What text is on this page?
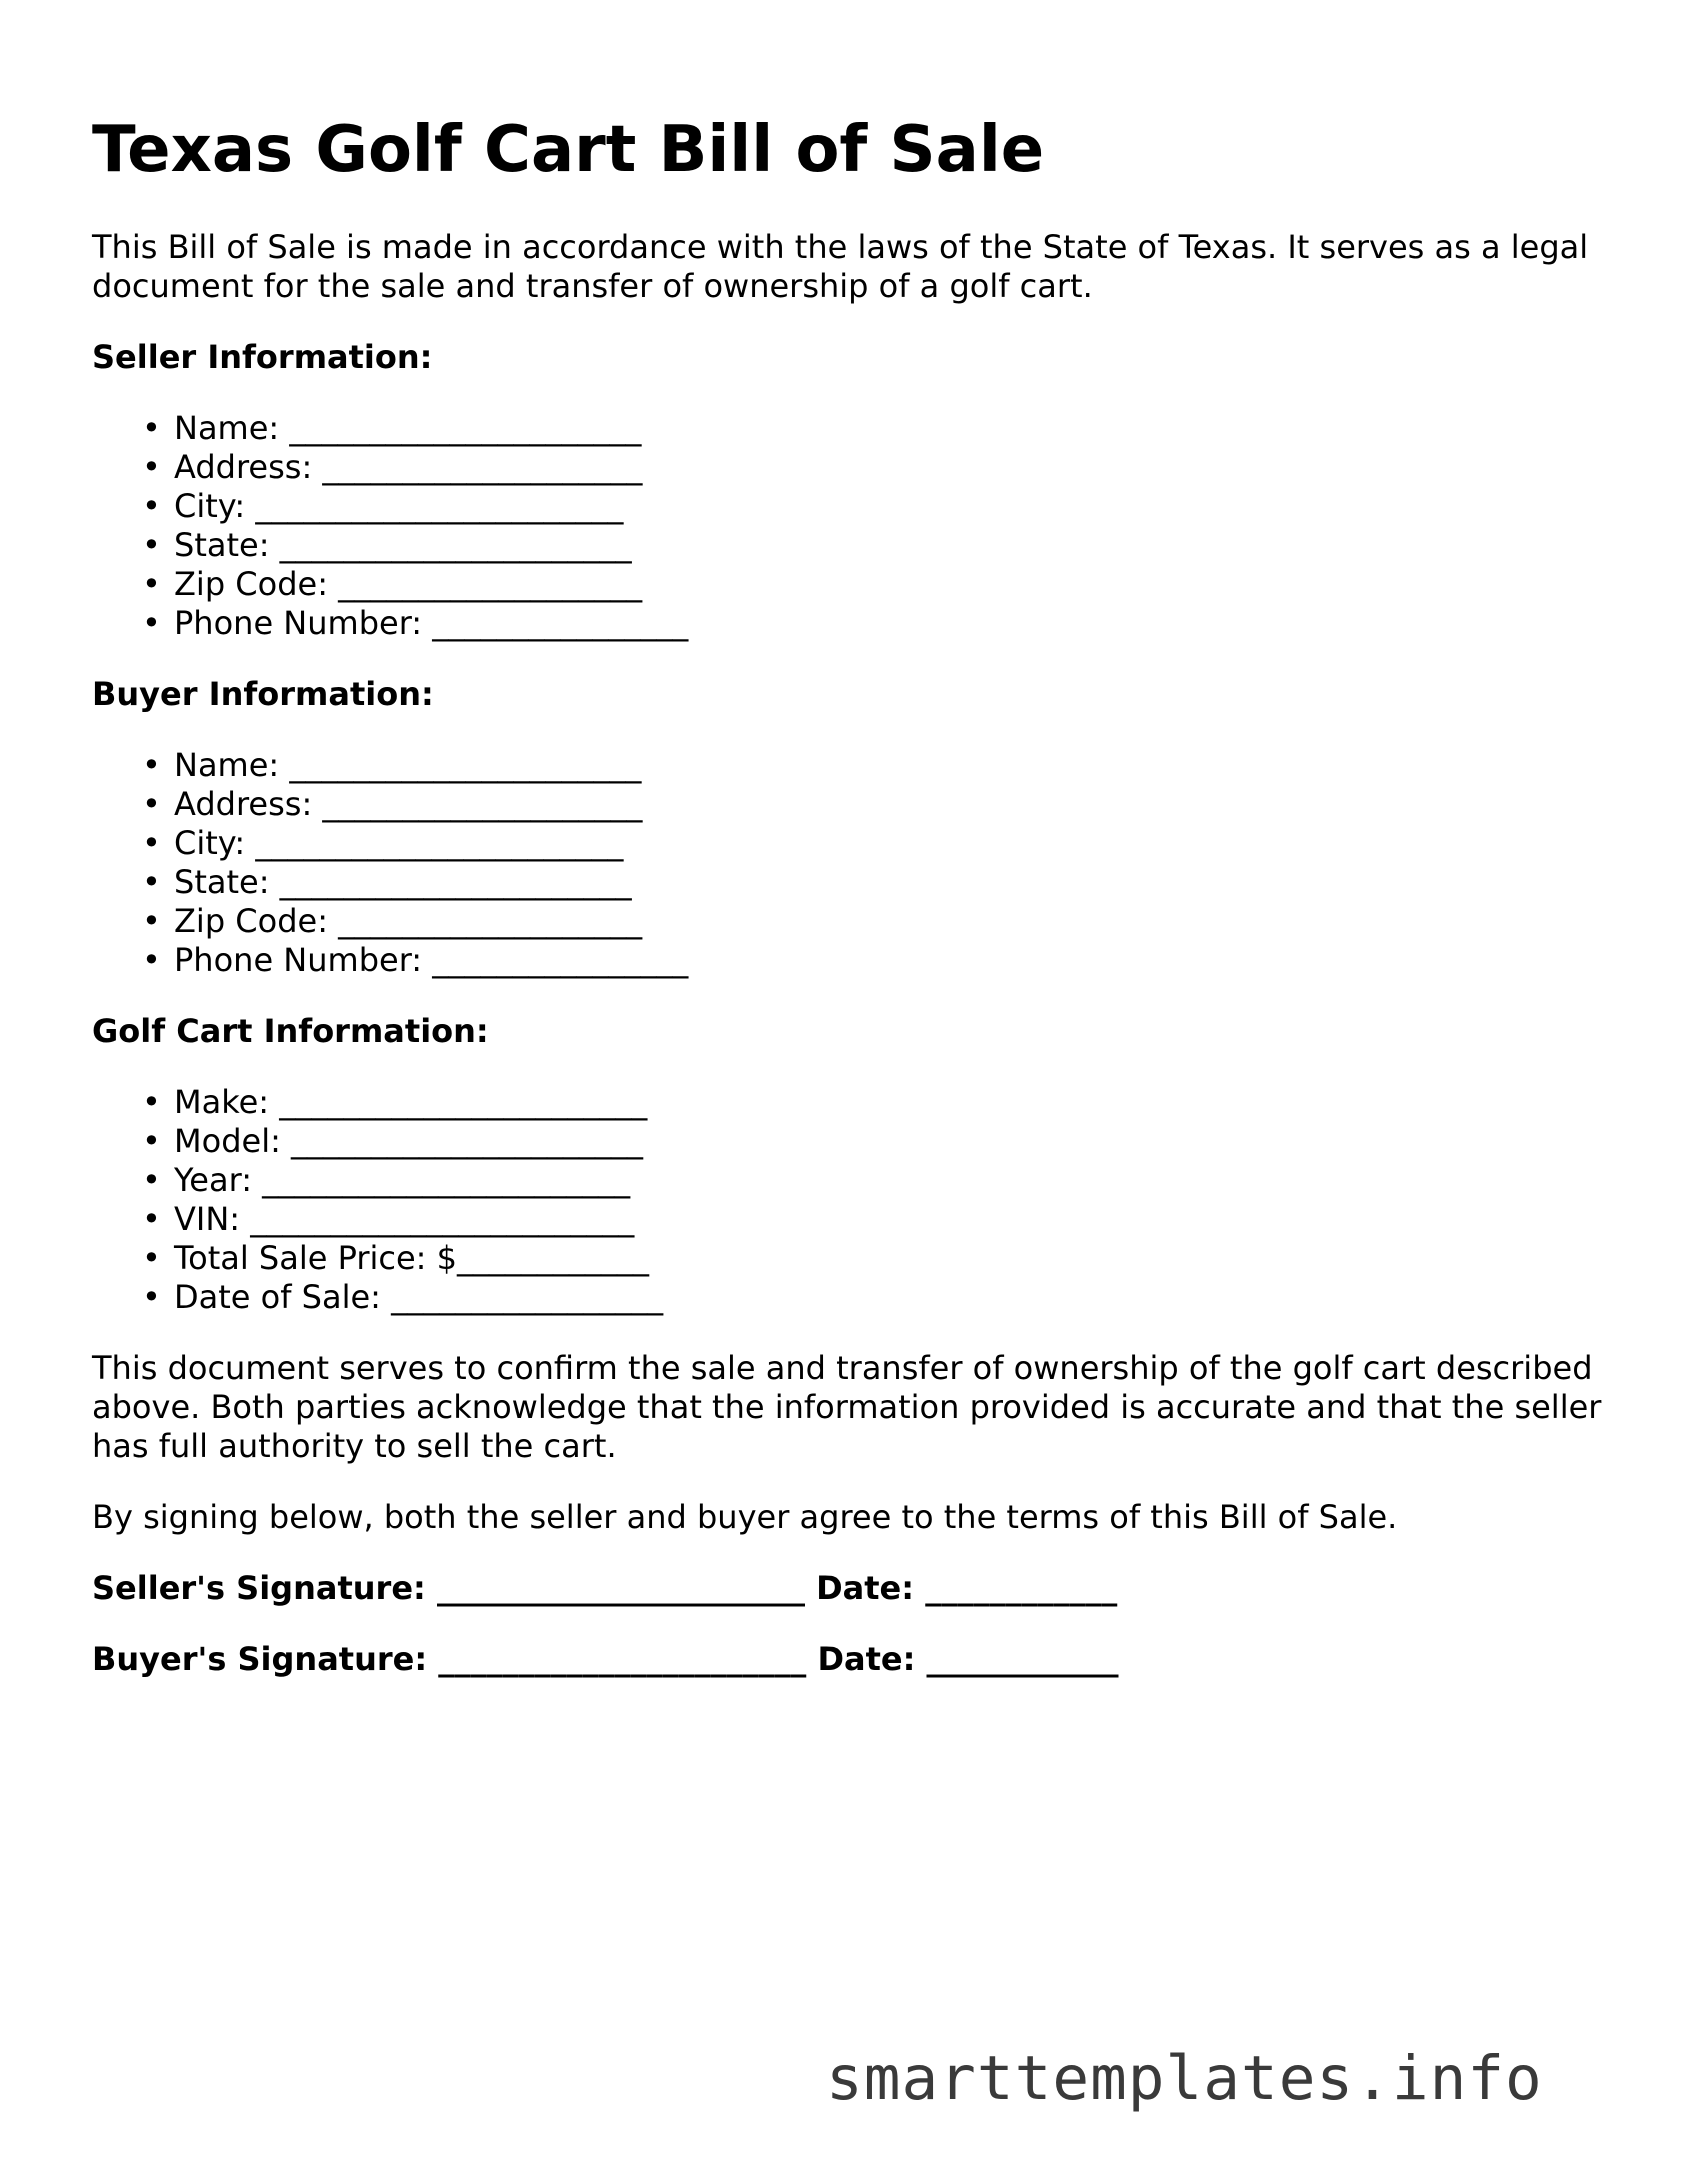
Texas Golf Cart Bill of Sale

This Bill of Sale is made in accordance with the laws of the State of Texas. It serves as a legal document for the sale and transfer of ownership of a golf cart.

Seller Information:
• Name: ______________________
• Address: ____________________
• City: _______________________
• State: ______________________
• Zip Code: ___________________
• Phone Number: ________________
Buyer Information:
• Name: ______________________
• Address: ____________________
• City: _______________________
• State: ______________________
• Zip Code: ___________________
• Phone Number: ________________
Golf Cart Information:
• Make: _______________________
• Model: ______________________
• Year: _______________________
• VIN: ________________________
• Total Sale Price: $____________
• Date of Sale: _________________

This document serves to confirm the sale and transfer of ownership of the golf cart described above. Both parties acknowledge that the information provided is accurate and that the seller has full authority to sell the cart.

By signing below, both the seller and buyer agree to the terms of this Bill of Sale.

Seller's Signature: _______________________ Date: ____________
Buyer's Signature: _______________________ Date: ____________
smarttemplates.info
